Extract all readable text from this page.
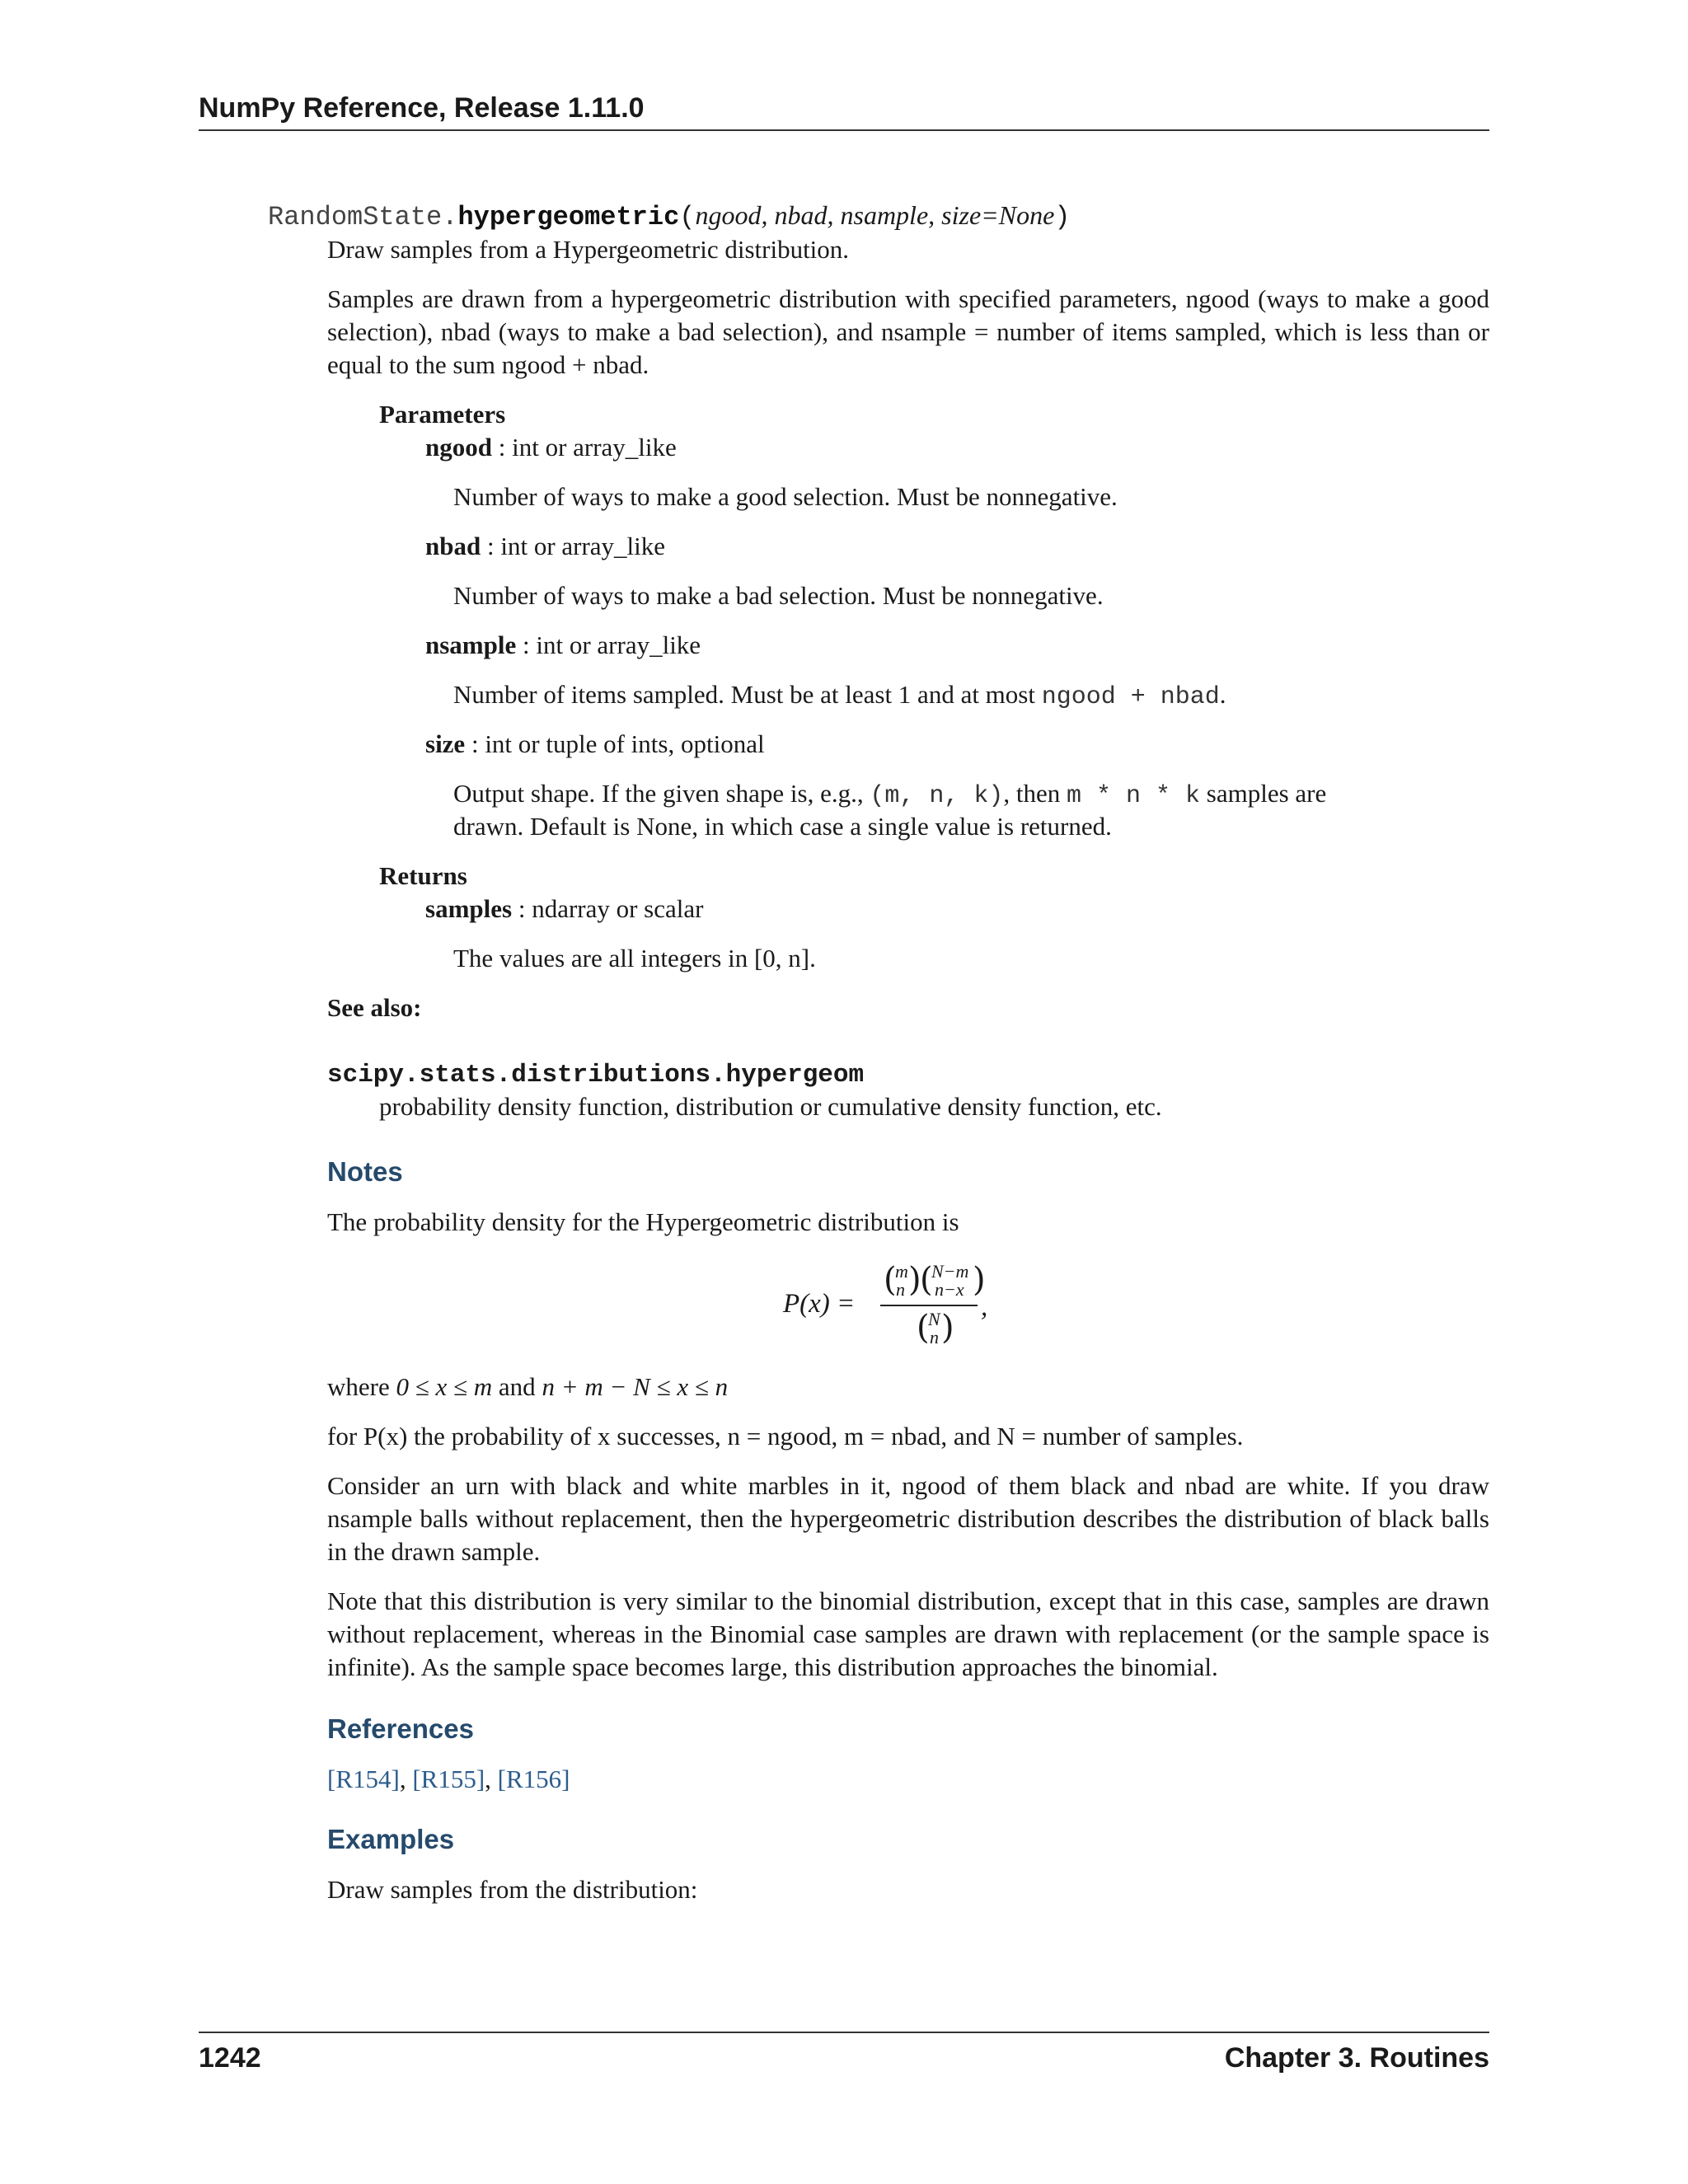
NumPy Reference, Release 1.11.0
RandomState.hypergeometric(ngood, nbad, nsample, size=None)
Draw samples from a Hypergeometric distribution.
Samples are drawn from a hypergeometric distribution with specified parameters, ngood (ways to make a good selection), nbad (ways to make a bad selection), and nsample = number of items sampled, which is less than or equal to the sum ngood + nbad.
Parameters
ngood : int or array_like
Number of ways to make a good selection. Must be nonnegative.
nbad : int or array_like
Number of ways to make a bad selection. Must be nonnegative.
nsample : int or array_like
Number of items sampled. Must be at least 1 and at most ngood + nbad.
size : int or tuple of ints, optional
Output shape. If the given shape is, e.g., (m, n, k), then m * n * k samples are
drawn. Default is None, in which case a single value is returned.
Returns
samples : ndarray or scalar
The values are all integers in [0, n].
See also:
scipy.stats.distributions.hypergeom
probability density function, distribution or cumulative density function, etc.
Notes
The probability density for the Hypergeometric distribution is
P(x) =
(
m
n )
(
N−m
n−x )
(
N
n )
,
where 0 ≤ x ≤ m and n + m − N ≤ x ≤ n
for P(x) the probability of x successes, n = ngood, m = nbad, and N = number of samples.
Consider an urn with black and white marbles in it, ngood of them black and nbad are white. If you draw nsample balls without replacement, then the hypergeometric distribution describes the distribution of black balls in the drawn sample.
Note that this distribution is very similar to the binomial distribution, except that in this case, samples are drawn without replacement, whereas in the Binomial case samples are drawn with replacement (or the sample space is infinite). As the sample space becomes large, this distribution approaches the binomial.
References
[R154], [R155], [R156]
Examples
Draw samples from the distribution:
1242	Chapter 3. Routines
